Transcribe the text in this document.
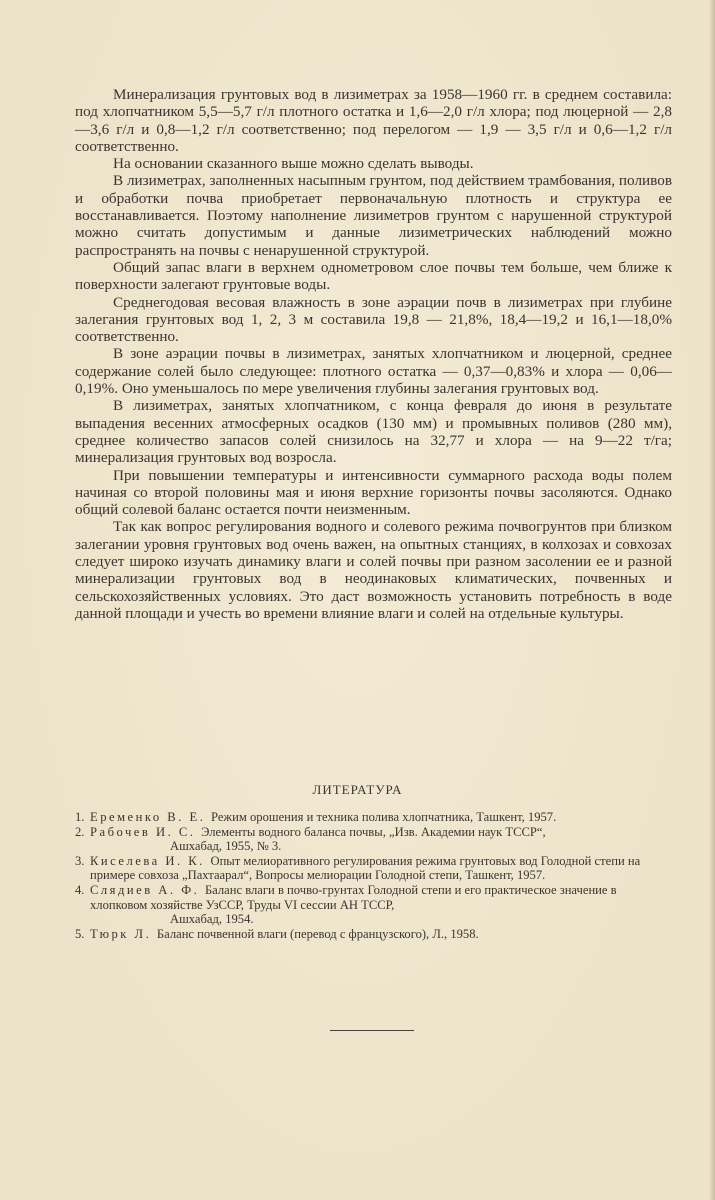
Минерализация грунтовых вод в лизиметрах за 1958—1960 гг. в среднем составила: под хлопчатником 5,5—5,7 г/л плотного остатка и 1,6—2,0 г/л хлора; под люцерной — 2,8—3,6 г/л и 0,8—1,2 г/л соответственно; под перелогом — 1,9 — 3,5 г/л и 0,6—1,2 г/л соответственно.

На основании сказанного выше можно сделать выводы.

В лизиметрах, заполненных насыпным грунтом, под действием трамбования, поливов и обработки почва приобретает первоначальную плотность и структура ее восстанавливается. Поэтому наполнение лизиметров грунтом с нарушенной структурой можно считать допустимым и данные лизиметрических наблюдений можно распространять на почвы с ненарушенной структурой.

Общий запас влаги в верхнем однометровом слое почвы тем больше, чем ближе к поверхности залегают грунтовые воды.

Среднегодовая весовая влажность в зоне аэрации почв в лизиметрах при глубине залегания грунтовых вод 1, 2, 3 м составила 19,8 — 21,8%, 18,4—19,2 и 16,1—18,0% соответственно.

В зоне аэрации почвы в лизиметрах, занятых хлопчатником и люцерной, среднее содержание солей было следующее: плотного остатка — 0,37—0,83% и хлора — 0,06—0,19%. Оно уменьшалось по мере увеличения глубины залегания грунтовых вод.

В лизиметрах, занятых хлопчатником, с конца февраля до июня в результате выпадения весенних атмосферных осадков (130 мм) и промывных поливов (280 мм), среднее количество запасов солей снизилось на 32,77 и хлора — на 9—22 т/га; минерализация грунтовых вод возросла.

При повышении температуры и интенсивности суммарного расхода воды полем начиная со второй половины мая и июня верхние горизонты почвы засоляются. Однако общий солевой баланс остается почти неизменным.

Так как вопрос регулирования водного и солевого режима почвогрунтов при близком залегании уровня грунтовых вод очень важен, на опытных станциях, в колхозах и совхозах следует широко изучать динамику влаги и солей почвы при разном засолении ее и разной минерализации грунтовых вод в неодинаковых климатических, почвенных и сельскохозяйственных условиях. Это даст возможность установить потребность в воде данной площади и учесть во времени влияние влаги и солей на отдельные культуры.

ЛИТЕРАТУРА
1. Еременко В. Е. Режим орошения и техника полива хлопчатника, Ташкент, 1957.
2. Рабочев И. С. Элементы водного баланса почвы, „Изв. Академии наук ТССР“,
Ашхабад, 1955, № 3.
3. Киселева И. К. Опыт мелиоративного регулирования режима грунтовых вод Голодной степи на примере совхоза „Пахтаарал“, Вопросы мелиорации Голодной степи, Ташкент, 1957.
4. Слядиев А. Ф. Баланс влаги в почво-грунтах Голодной степи и его практическое значение в хлопковом хозяйстве УзССР, Труды VI сессии АН ТССР,
Ашхабад, 1954.
5. Тюрк Л. Баланс почвенной влаги (перевод с французского), Л., 1958.
